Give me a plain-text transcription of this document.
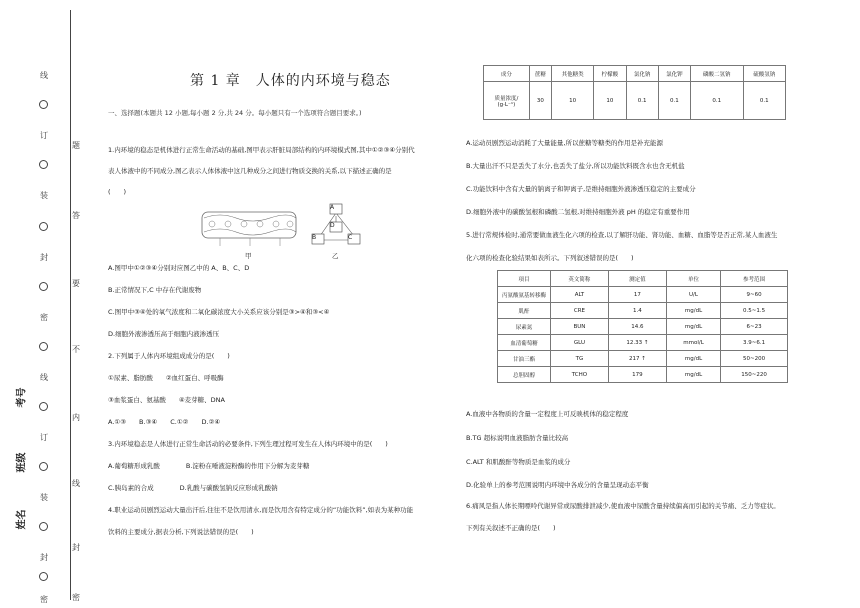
线
订
装
封
密
线
订
装
封
密
题
答
要
不
内
线
封
密
考号
班级
姓名
第 1 章　人体的内环境与稳态
一、选择题(本题共 12 小题,每小题 2 分,共 24 分。每小题只有一个选项符合题目要求。)
1.内环境的稳态是机体进行正常生命活动的基础,图甲表示肝脏局部结构的内环境模式图,其中①②③④分别代
表人体液中的不同成分,图乙表示人体体液中这几种成分之间进行物质交换的关系,以下描述正确的是
(　　)
甲
A
D
B	C
乙
A.图甲中①②③④分别对应图乙中的 A、B、C、D
B.正常情况下,C 中存在代谢废物
C.图甲中③④处的氧气浓度和二氧化碳浓度大小关系应该分别是③>④和③<④
D.细胞外液渗透压高于细胞内液渗透压
2.下列属于人体内环境组成成分的是(　　)
①尿素、脂肪酸　　②血红蛋白、呼吸酶
③血浆蛋白、氨基酸　　④麦芽糖、DNA
A.①③　　B.③④　　C.①②　　D.②④
3.内环境稳态是人体进行正常生命活动的必要条件,下列生理过程可发生在人体内环境中的是(　　)
A.葡萄糖形成乳酸　　　　B.淀粉在唾液淀粉酶的作用下分解为麦芽糖
C.胰岛素的合成　　　　D.乳酸与碳酸氢钠反应形成乳酸钠
4.职业运动员剧烈运动大量出汗后,往往不是饮用清水,而是饮用含有特定成分的“功能饮料”,如表为某种功能
饮料的主要成分,据表分析,下列说法错误的是(　　)
成分	蔗糖	其他糖类	柠檬酸	氯化钠	氯化钾	磷酸二氢钠	硫酸氢钠

质量浓度/
(g·L⁻¹)	30	10	10	0.1	0.1	0.1	0.1
A.运动员剧烈运动消耗了大量能量,所以蔗糖等糖类的作用是补充能源
B.大量出汗不只是丢失了水分,也丢失了盐分,所以功能饮料既含水也含无机盐
C.功能饮料中含有大量的钠离子和钾离子,是维持细胞外液渗透压稳定的主要成分
D.细胞外液中的碳酸氢根和磷酸二氢根,对维持细胞外液 pH 的稳定有重要作用
5.进行常规体检时,通常要做血液生化六项的检查,以了解肝功能、肾功能、血糖、血脂等是否正常,某人血液生
化六项的检查化验结果如表所示。下列叙述错误的是(　　)
项目	英文简称	测定值	单位	参考范围
丙氨酸氨基转移酶	ALT	17	U/L	9~60
肌酐	CRE	1.4	mg/dL	0.5~1.5
尿素氮	BUN	14.6	mg/dL	6~23
血清葡萄糖	GLU	12.33 ↑	mmol/L	3.9~6.1
甘油三酯	TG	217 ↑	mg/dL	50~200
总胆固醇	TCHO	179	mg/dL	150~220
A.血液中各物质的含量一定程度上可反映机体的稳定程度
B.TG 超标说明血液脂肪含量比较高
C.ALT 和肌酸酐等物质是血浆的成分
D.化验单上的参考范围说明内环境中各成分的含量呈现动态平衡
6.痛风是指人体长期嘌呤代谢异常或尿酸排泄减少,使血液中尿酸含量持续偏高而引起的关节痛、乏力等症状。
下列有关叙述不正确的是(　　)
